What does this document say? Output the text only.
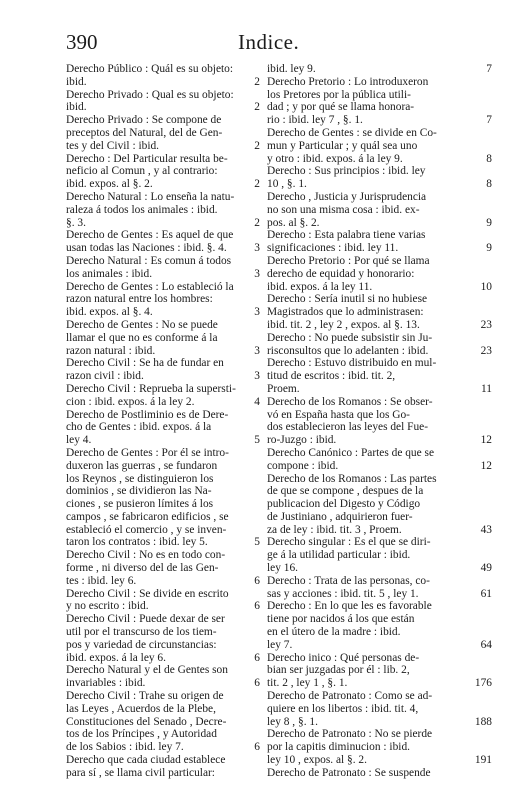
390	Indice.
Derecho Público : Quál es su objeto:
ibid.	2
Derecho Privado : Qual es su objeto:
ibid.	2
Derecho Privado : Se compone de
preceptos del Natural, del de Gen-
tes y del Civil : ibid.	2
Derecho : Del Particular resulta be-
neficio al Comun , y al contrario:
ibid. expos. al §. 2.	2
Derecho Natural : Lo enseña la natu-
raleza á todos los animales : ibid.
§. 3.	2
Derecho de Gentes : Es aquel de que
usan todas las Naciones : ibid. §. 4.	3
Derecho Natural : Es comun á todos
los animales : ibid.	3
Derecho de Gentes : Lo estableció la
razon natural entre los hombres:
ibid. expos. al §. 4.	3
Derecho de Gentes : No se puede
llamar el que no es conforme á la
razon natural : ibid.	3
Derecho Civil : Se ha de fundar en
razon civil : ibid.	3
Derecho Civil : Reprueba la supersti-
cion : ibid. expos. á la ley 2.	4
Derecho de Postliminio es de Dere-
cho de Gentes : ibid. expos. á la
ley 4.	5
Derecho de Gentes : Por él se intro-
duxeron las guerras , se fundaron
los Reynos , se distinguieron los
dominios , se dividieron las Na-
ciones , se pusieron límites á los
campos , se fabricaron edificios , se
estableció el comercio , y se inven-
taron los contratos : ibid. ley 5.	5
Derecho Civil : No es en todo con-
forme , ni diverso del de las Gen-
tes : ibid. ley 6.	6
Derecho Civil : Se divide en escrito
y no escrito : ibid.	6
Derecho Civil : Puede dexar de ser
util por el transcurso de los tiem-
pos y variedad de circunstancias:
ibid. expos. á la ley 6.	6
Derecho Natural y el de Gentes son
invariables : ibid.	6
Derecho Civil : Trahe su origen de
las Leyes , Acuerdos de la Plebe,
Constituciones del Senado , Decre-
tos de los Príncipes , y Autoridad
de los Sabios : ibid. ley 7.	6
Derecho que cada ciudad establece
para sí , se llama civil particular:
ibid. ley 9.	7
Derecho Pretorio : Lo introduxeron
los Pretores por la pública utili-
dad ; y por qué se llama honora-
rio : ibid. ley 7 , §. 1.	7
Derecho de Gentes : se divide en Co-
mun y Particular ; y quál sea uno
y otro : ibid. expos. á la ley 9.	8
Derecho : Sus principios : ibid. ley
10 , §. 1.	8
Derecho , Justicia y Jurisprudencia
no son una misma cosa : ibid. ex-
pos. al §. 2.	9
Derecho : Esta palabra tiene varias
significaciones : ibid. ley 11.	9
Derecho Pretorio : Por qué se llama
derecho de equidad y honorario:
ibid. expos. á la ley 11.	10
Derecho : Sería inutil si no hubiese
Magistrados que lo administrasen:
ibid. tit. 2 , ley 2 , expos. al §. 13.	23
Derecho : No puede subsistir sin Ju-
risconsultos que lo adelanten : ibid.	23
Derecho : Estuvo distribuido en mul-
titud de escritos : ibid. tit. 2,
Proem.	11
Derecho de los Romanos : Se obser-
vó en España hasta que los Go-
dos establecieron las leyes del Fue-
ro-Juzgo : ibid.	12
Derecho Canónico : Partes de que se
compone : ibid.	12
Derecho de los Romanos : Las partes
de que se compone , despues de la
publicacion del Digesto y Código
de Justiniano , adquirieron fuer-
za de ley : ibid. tit. 3 , Proem.	43
Derecho singular : Es el que se diri-
ge á la utilidad particular : ibid.
ley 16.	49
Derecho : Trata de las personas, co-
sas y acciones : ibid. tit. 5 , ley 1.	61
Derecho : En lo que les es favorable
tiene por nacidos á los que están
en el útero de la madre : ibid.
ley 7.	64
Derecho inico : Qué personas de-
bian ser juzgadas por él : lib. 2,
tit. 2 , ley 1 , §. 1.	176
Derecho de Patronato : Como se ad-
quiere en los libertos : ibid. tit. 4,
ley 8 , §. 1.	188
Derecho de Patronato : No se pierde
por la capitis diminucion : ibid.
ley 10 , expos. al §. 2.	191
Derecho de Patronato : Se suspende
